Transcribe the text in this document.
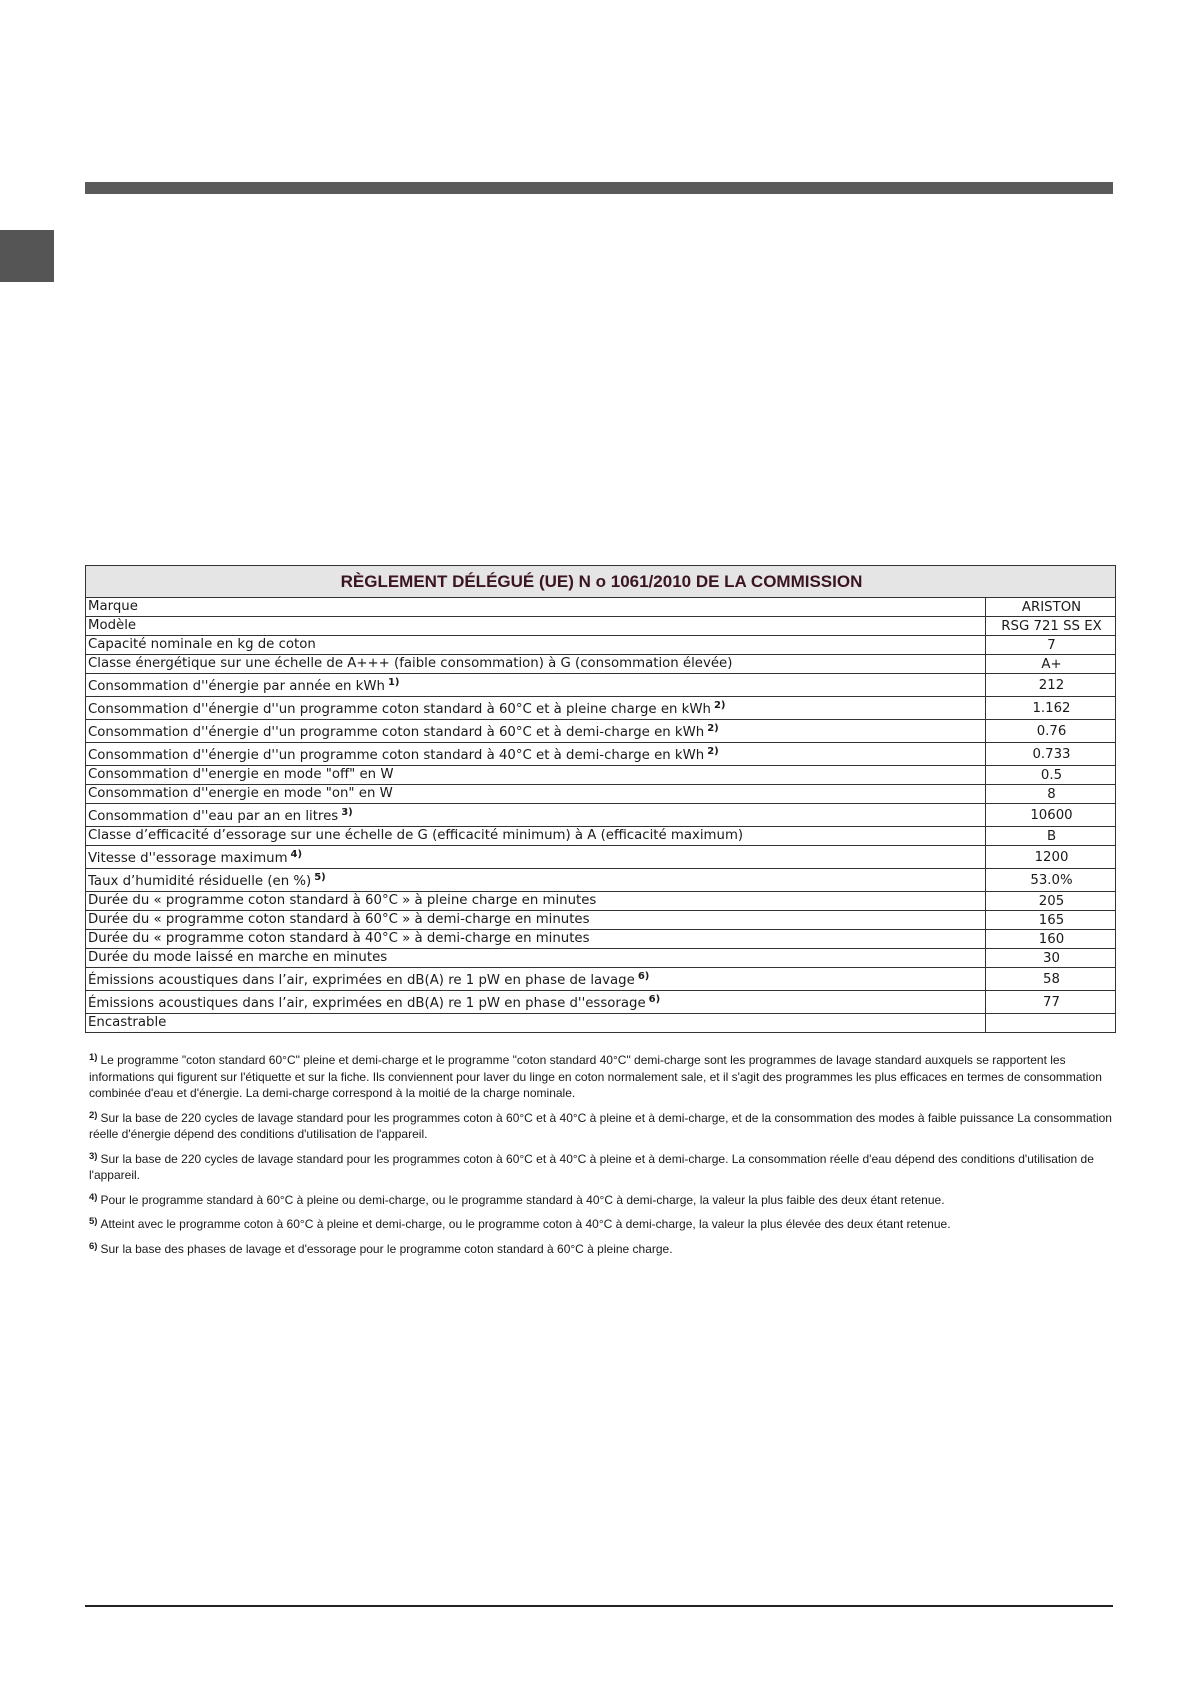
RÈGLEMENT DÉLÉGUÉ (UE) N o 1061/2010 DE LA COMMISSION	
Marque	ARISTON
Modèle	RSG 721 SS EX
Capacité nominale en kg de coton	7
Classe énergétique sur une échelle de A+++ (faible consommation) à G (consommation élevée)	A+
Consommation d''énergie par année en kWh $^{1)}$	212
Consommation d''énergie d''un programme coton standard à 60°C et à pleine charge en kWh $^{2)}$	1.162
Consommation d''énergie d''un programme coton standard à 60°C et à demi-charge en kWh $^{2)}$	0.76
Consommation d''énergie d''un programme coton standard à 40°C et à demi-charge en kWh $^{2)}$	0.733
Consommation d''energie en mode "off" en W	0.5
Consommation d''energie en mode "on" en W	8
Consommation d''eau par an en litres $^{3)}$	10600
Classe d’efficacité d’essorage sur une échelle de G (efficacité minimum) à A (efficacité maximum)	B
Vitesse d''essorage maximum $^{4)}$	1200
Taux d’humidité résiduelle (en %) $^{5)}$	53.0%
Durée du « programme coton standard à 60°C » à pleine charge en minutes	205
Durée du « programme coton standard à 60°C » à demi-charge en minutes	165
Durée du « programme coton standard à 40°C » à demi-charge en minutes	160
Durée du mode laissé en marche en minutes	30
Émissions acoustiques dans l’air, exprimées en dB(A) re 1 pW en phase de lavage $^{6)}$	58
Émissions acoustiques dans l’air, exprimées en dB(A) re 1 pW en phase d''essorage $^{6)}$	77
Encastrable	
$^{1)}$ Le programme "coton standard 60°C" pleine et demi-charge et le programme "coton standard 40°C" demi-charge sont les programmes de lavage standard auxquels se rapportent les informations qui figurent sur l'étiquette et sur la fiche. Ils conviennent pour laver du linge en coton normalement sale, et il s'agit des programmes les plus efficaces en termes de consommation combinée d'eau et d'énergie. La demi-charge correspond à la moitié de la charge nominale.
$^{2)}$ Sur la base de 220 cycles de lavage standard pour les programmes coton à 60°C et à 40°C à pleine et à demi-charge, et de la consommation des modes à faible puissance La consommation réelle d'énergie dépend des conditions d'utilisation de l'appareil.
$^{3)}$ Sur la base de 220 cycles de lavage standard pour les programmes coton à 60°C et à 40°C à pleine et à demi-charge. La consommation réelle d'eau dépend des conditions d'utilisation de l'appareil.
$^{4)}$ Pour le programme standard à 60°C à pleine ou demi-charge, ou le programme standard à 40°C à demi-charge, la valeur la plus faible des deux étant retenue.
$^{5)}$ Atteint avec le programme coton à 60°C à pleine et demi-charge, ou le programme coton à 40°C à demi-charge, la valeur la plus élevée des deux étant retenue.
$^{6)}$ Sur la base des phases de lavage et d'essorage pour le programme coton standard à 60°C à pleine charge.
